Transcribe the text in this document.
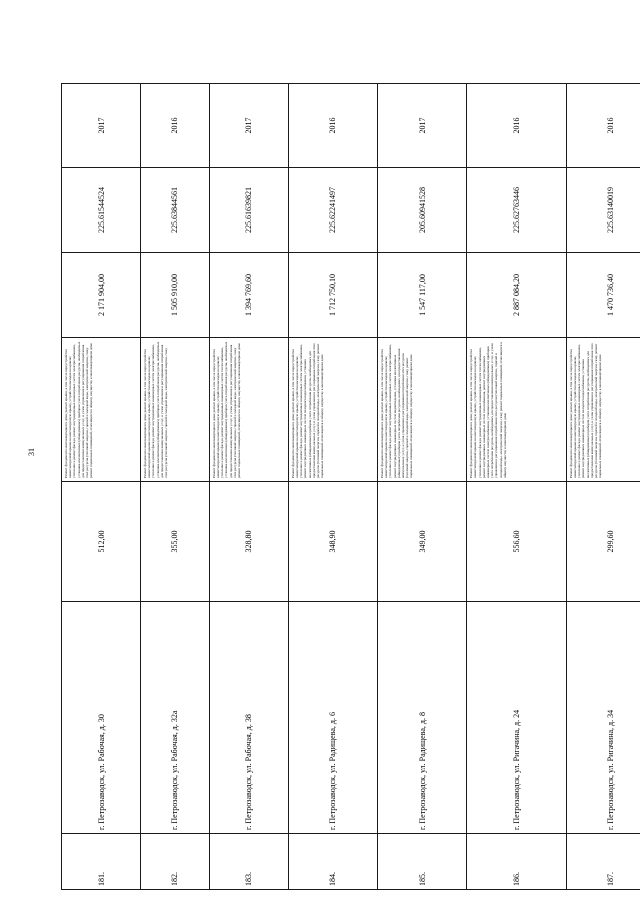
31
181.	г. Петрозаводск, ул. Рабочая, д. 30	512,00	Ремонт фундамента многоквартирного дома; ремонт крыши, в том числе переустройство невентилируемой крыши на вентилируемую крышу, устройство выходов на кровлю; утепление и ремонт фасада; ремонт внутридомовых инженерных систем электроснабжения, установка коллективных (общедомовых) приборов учета потребления ресурсов, необходимых для предоставления коммунальных услуг, и узлов управления и регулирования потребления этих ресурсов (тепловой энергии, горячей и холодной воды, электрической энергии, газа); ремонт подвальных помещений, относящихся к общему имуществу в многоквартирном доме	2 171 904,00	225.61544524	2017
182.	г. Петрозаводск, ул. Рабочая, д. 32а	355,00	Ремонт фундамента многоквартирного дома; ремонт крыши, в том числе переустройство невентилируемой крыши на вентилируемую крышу, устройство выходов на кровлю; утепление и ремонт фасада; ремонт внутридомовых инженерных систем электроснабжения, установка коллективных (общедомовых) приборов учета потребления ресурсов, необходимых для предоставления коммунальных услуг, и узлов управления и регулирования потребления этих ресурсов (тепловой энергии, горячей и холодной воды, электрической энергии, газа)	1 505 910,00	225.63844561	2016
183.	г. Петрозаводск, ул. Рабочая, д. 38	328,80	Ремонт фундамента многоквартирного дома; ремонт крыши, в том числе переустройство невентилируемой крыши на вентилируемую крышу, устройство выходов на кровлю; утепление и ремонт фасада; ремонт внутридомовых инженерных систем теплоснабжения, установка коллективных (общедомовых) приборов учета потребления ресурсов, необходимых для предоставления коммунальных услуг, и узлов управления и регулирования потребления этих ресурсов (тепловой энергии, горячей и холодной воды, электрической энергии, газа); ремонт подвальных помещений, относящихся к общему имуществу в многоквартирном доме	1 394 769,60	225.61639821	2017
184.	г. Петрозаводск, ул. Радищева, д. 6	348,90	Ремонт фундамента многоквартирного дома; ремонт крыши, в том числе переустройство невентилируемой крыши на вентилируемую крышу, устройство выходов на кровлю; утепление и ремонт фасада; ремонт внутридомовых инженерных систем электроснабжения, ремонт внутридомовых инженерных систем холодного водоснабжения, установка коллективных (общедомовых) приборов учета потребления ресурсов, необходимых для предоставления коммунальных услуг, и узлов управления и регулирования потребления этих ресурсов (тепловой энергии, горячей и холодной воды, электрической энергии, газа); ремонт подвальных помещений, относящихся к общему имуществу в многоквартирном доме	1 712 750,10	225.62241497	2016
185.	г. Петрозаводск, ул. Радищева, д. 8	349,00	Ремонт фундамента многоквартирного дома; ремонт крыши, в том числе переустройство невентилируемой крыши на вентилируемую крышу, устройство выходов на кровлю; утепление и ремонт фасада; ремонт внутридомовых инженерных систем электроснабжения, ремонт внутридомовых инженерных систем водоотведения, установка коллективных (общедомовых) приборов учета потребления ресурсов, необходимых для предоставления коммунальных услуг, и узлов управления и регулирования потребления этих ресурсов (тепловой энергии, горячей и холодной воды, электрической энергии, газа); ремонт подвальных помещений, относящихся к общему имуществу в многоквартирном доме	1 547 117,00	205.60941528	2017
186.	г. Петрозаводск, ул. Ригачина, д. 24	556,60	Ремонт фундамента многоквартирного дома; ремонт крыши, в том числе переустройство невентилируемой крыши на вентилируемую крышу, устройство выходов на кровлю; утепление и ремонт фасада; ремонт внутридомовых инженерных систем теплоснабжения, ремонт внутридомовых инженерных систем газоснабжения, ремонт внутридомовых инженерных систем электроснабжения, установка коллективных (общедомовых) приборов учета потребления ресурсов, необходимых для предоставления коммунальных услуг, и узлов управления и регулирования потребления этих ресурсов (тепловой энергии, горячей и холодной воды, электрической энергии, газа); ремонт подвальных помещений, относящихся к общему имуществу в многоквартирном доме	2 887 084,20	225.62763446	2016
187.	г. Петрозаводск, ул. Ригачина, д. 34	299,60	Ремонт фундамента многоквартирного дома; ремонт крыши, в том числе переустройство невентилируемой крыши на вентилируемую крышу, устройство выходов на кровлю; утепление и ремонт фасада; ремонт внутридомовых инженерных систем электроснабжения, ремонт внутридомовых инженерных систем холодного водоснабжения, установка коллективных (общедомовых) приборов учета потребления ресурсов, необходимых для предоставления коммунальных услуг, и узлов управления и регулирования потребления этих ресурсов (тепловой энергии, горячей и холодной воды, электрической энергии, газа); ремонт подвальных помещений, относящихся к общему имуществу в многоквартирном доме	1 470 736,40	225.63140019	2016
